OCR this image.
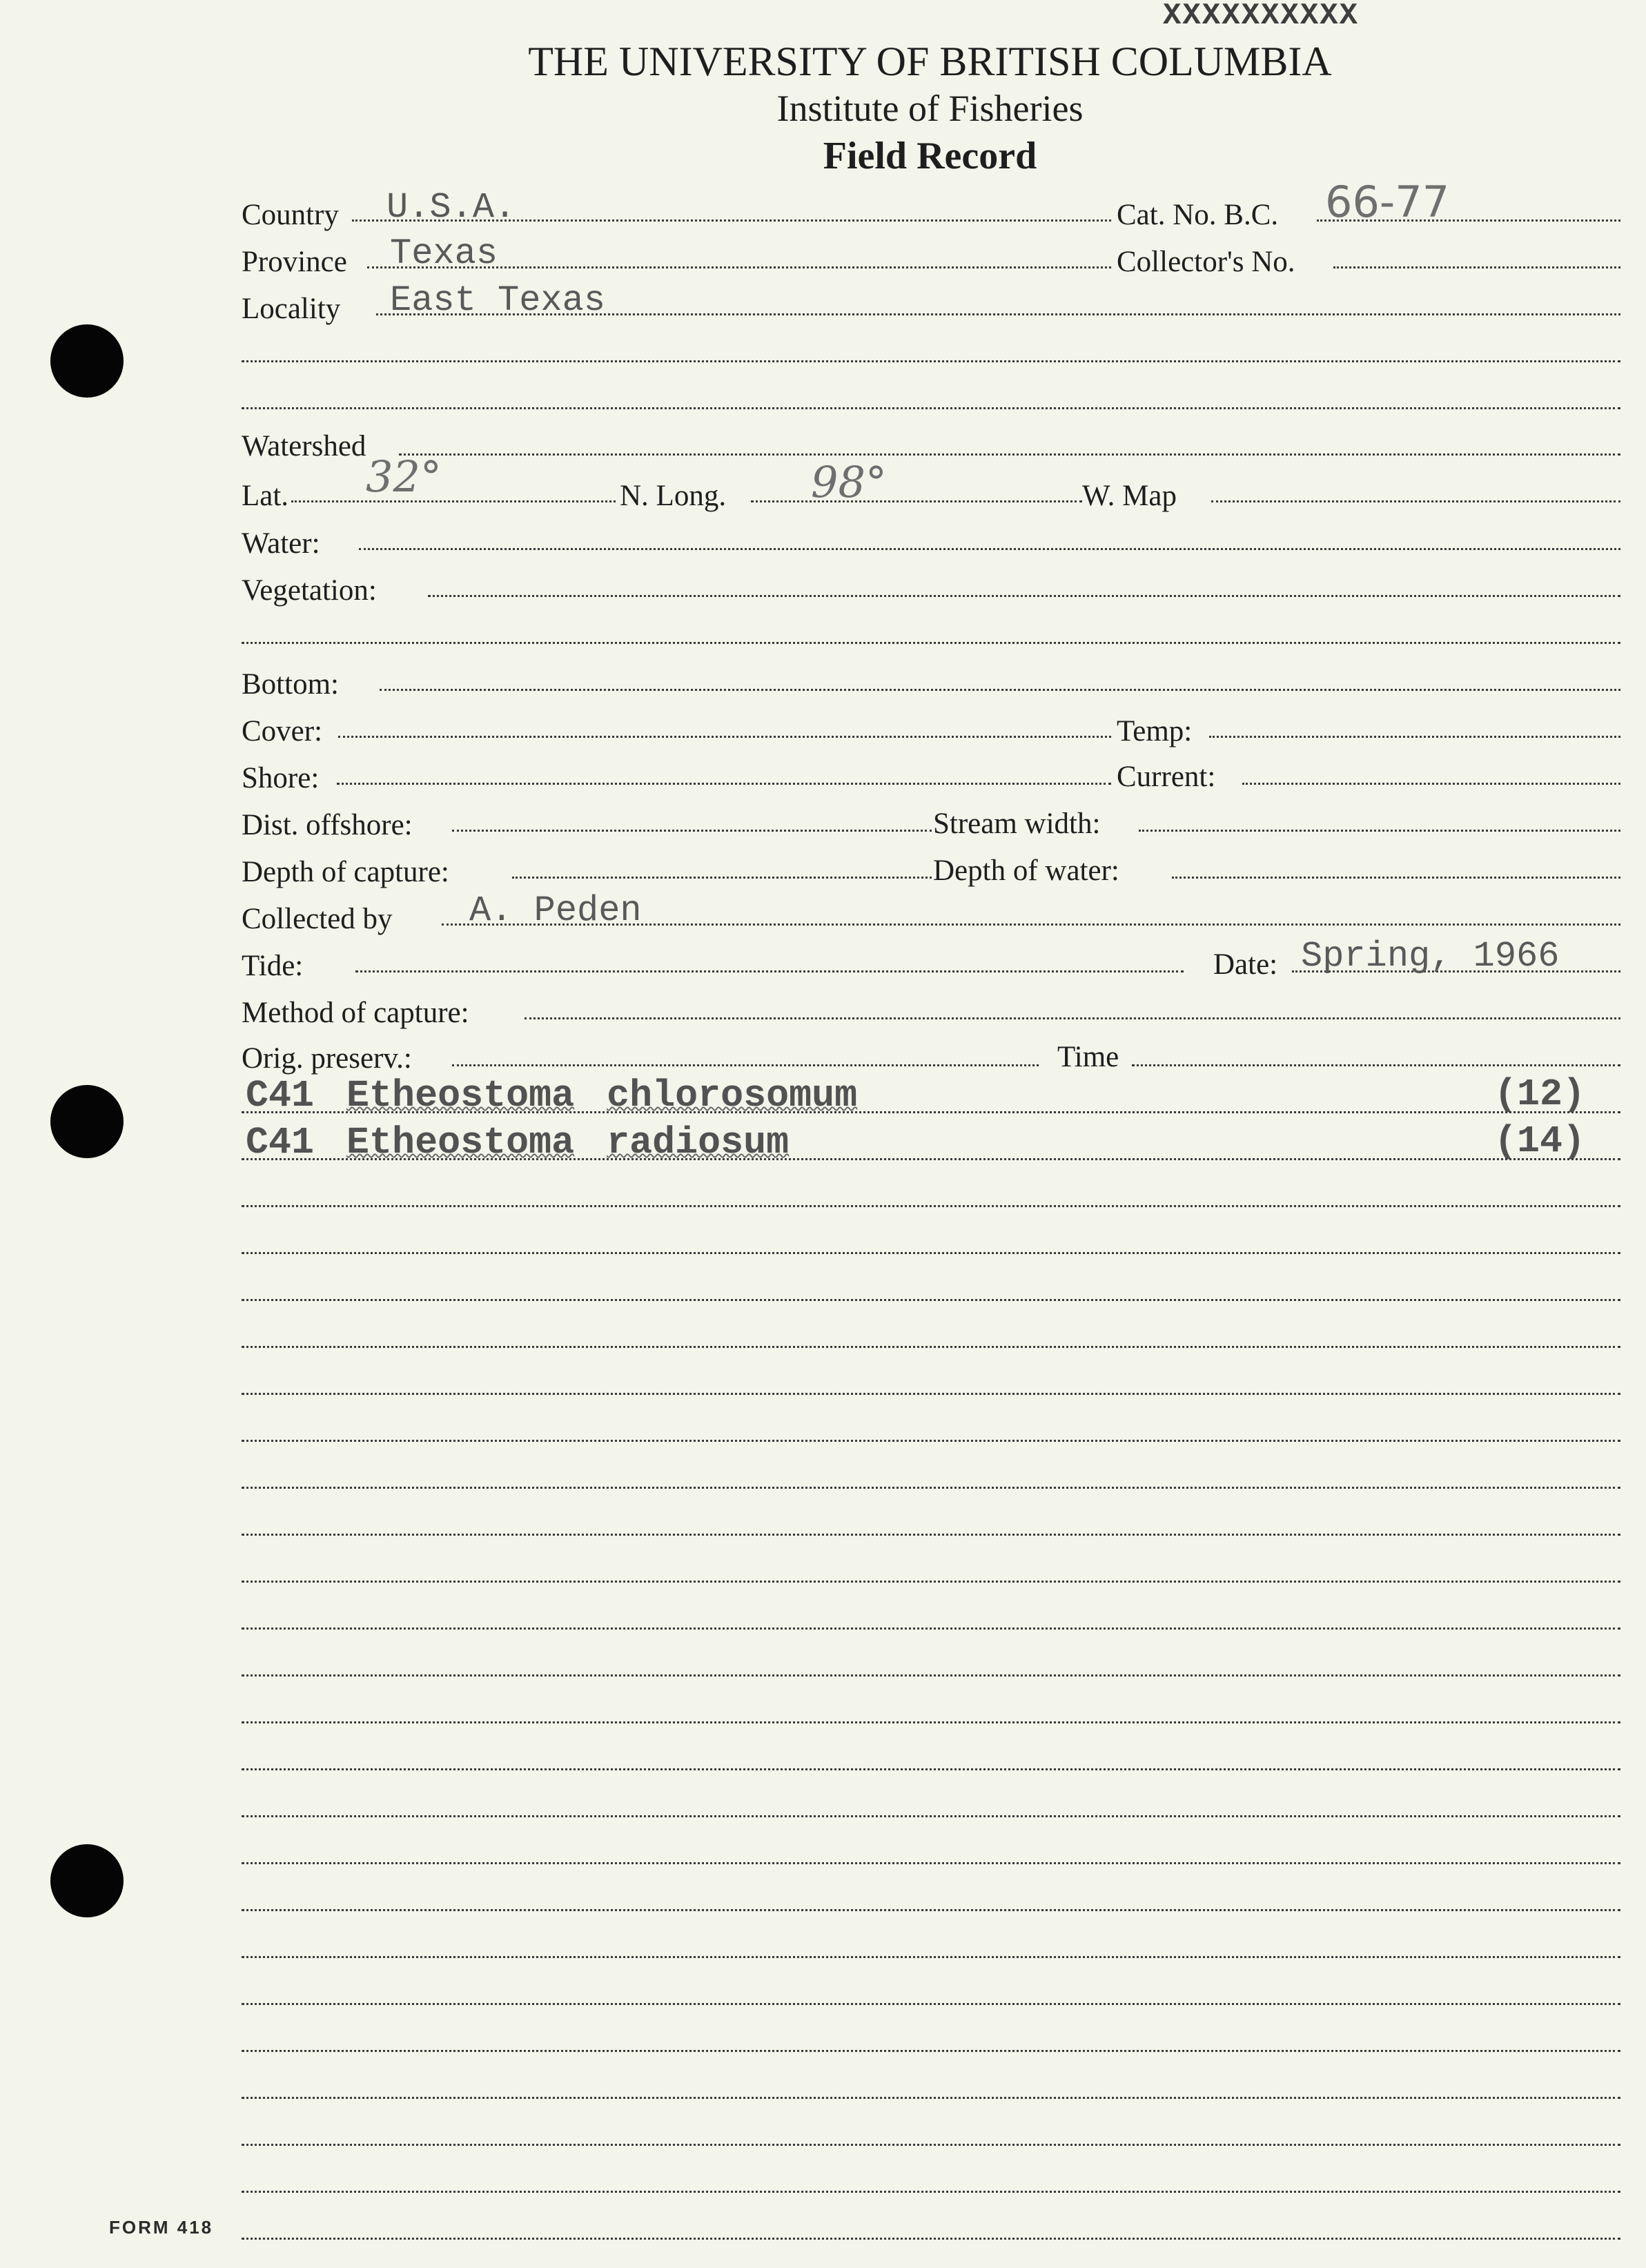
XXXXXXXXXX
THE UNIVERSITY OF BRITISH COLUMBIA
Institute of Fisheries
Field Record
Country U.S.A.	Cat. No. B.C. 66-77
Province Texas	Collector's No.
Locality East Texas
Watershed
Lat. 32°	N. Long. 98°	W. Map
Water:
Vegetation:
Bottom:
Cover:	Temp:
Shore:	Current:
Dist. offshore:	Stream width:
Depth of capture:	Depth of water:
Collected by A. Peden
Tide:	Date: Spring, 1966
Method of capture:
Orig. preserv.:	Time
C41 Etheostoma chlorosomum	(12)
C41 Etheostoma radiosum	(14)
FORM 418
